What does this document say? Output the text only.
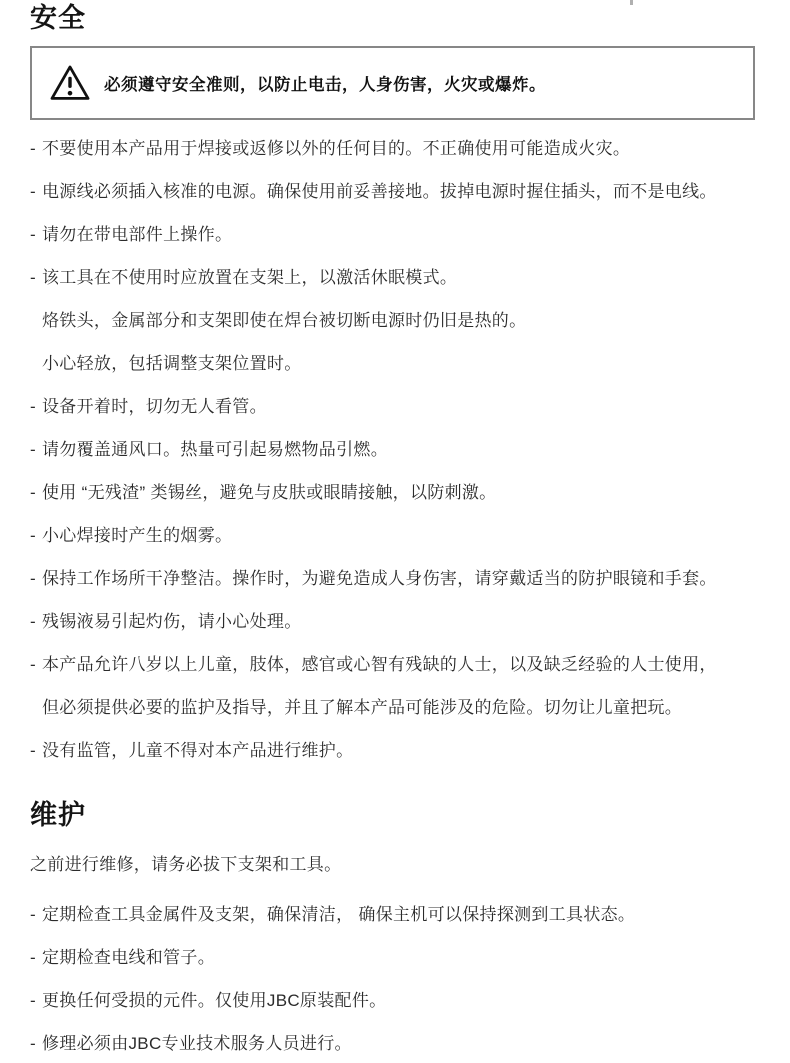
安全

必须遵守安全准则，以防止电击，人身伤害，火灾或爆炸。

- 不要使用本产品用于焊接或返修以外的任何目的。不正确使用可能造成火灾。
- 电源线必须插入核准的电源。确保使用前妥善接地。拔掉电源时握住插头，而不是电线。
- 请勿在带电部件上操作。
- 该工具在不使用时应放置在支架上，以激活休眠模式。
烙铁头，金属部分和支架即使在焊台被切断电源时仍旧是热的。
小心轻放，包括调整支架位置时。
- 设备开着时，切勿无人看管。
- 请勿覆盖通风口。热量可引起易燃物品引燃。
- 使用 “无残渣” 类锡丝，避免与皮肤或眼睛接触，以防刺激。
- 小心焊接时产生的烟雾。
- 保持工作场所干净整洁。操作时，为避免造成人身伤害，请穿戴适当的防护眼镜和手套。
- 残锡液易引起灼伤，请小心处理。
- 本产品允许八岁以上儿童，肢体，感官或心智有残缺的人士，以及缺乏经验的人士使用，
但必须提供必要的监护及指导，并且了解本产品可能涉及的危险。切勿让儿童把玩。
- 没有监管，儿童不得对本产品进行维护。
维护

之前进行维修，请务必拔下支架和工具。

- 定期检查工具金属件及支架，确保清洁， 确保主机可以保持探测到工具状态。
- 定期检查电线和管子。
- 更换任何受损的元件。仅使用JBC原装配件。
- 修理必须由JBC专业技术服务人员进行。
